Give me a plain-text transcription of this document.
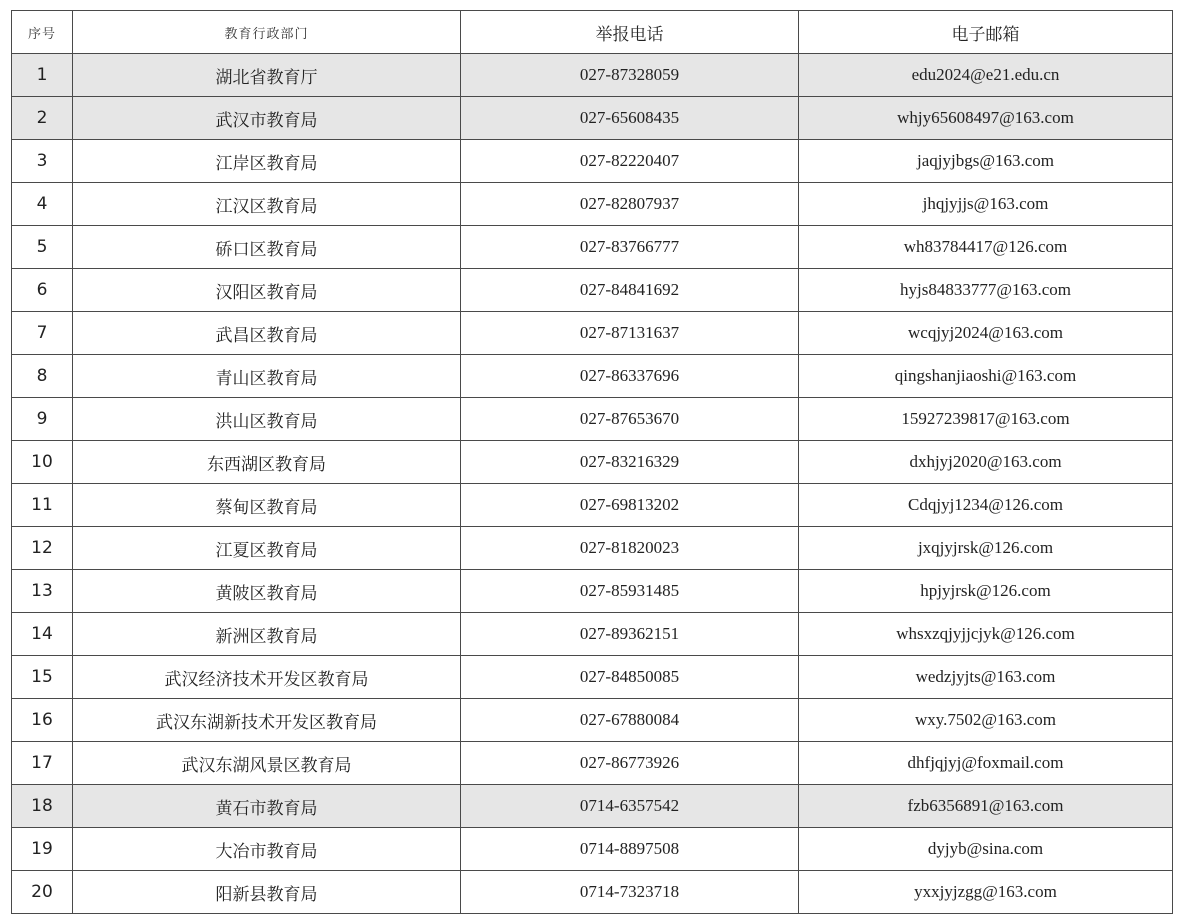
序号	教育行政部门	举报电话	电子邮箱
1	湖北省教育厅	027-87328059	edu2024@e21.edu.cn
2	武汉市教育局	027-65608435	whjy65608497@163.com
3	江岸区教育局	027-82220407	jaqjyjbgs@163.com
4	江汉区教育局	027-82807937	jhqjyjjs@163.com
5	硚口区教育局	027-83766777	wh83784417@126.com
6	汉阳区教育局	027-84841692	hyjs84833777@163.com
7	武昌区教育局	027-87131637	wcqjyj2024@163.com
8	青山区教育局	027-86337696	qingshanjiaoshi@163.com
9	洪山区教育局	027-87653670	15927239817@163.com
10	东西湖区教育局	027-83216329	dxhjyj2020@163.com
11	蔡甸区教育局	027-69813202	Cdqjyj1234@126.com
12	江夏区教育局	027-81820023	jxqjyjrsk@126.com
13	黄陂区教育局	027-85931485	hpjyjrsk@126.com
14	新洲区教育局	027-89362151	whsxzqjyjjcjyk@126.com
15	武汉经济技术开发区教育局	027-84850085	wedzjyjts@163.com
16	武汉东湖新技术开发区教育局	027-67880084	wxy.7502@163.com
17	武汉东湖风景区教育局	027-86773926	dhfjqjyj@foxmail.com
18	黄石市教育局	0714-6357542	fzb6356891@163.com
19	大冶市教育局	0714-8897508	dyjyb@sina.com
20	阳新县教育局	0714-7323718	yxxjyjzgg@163.com
